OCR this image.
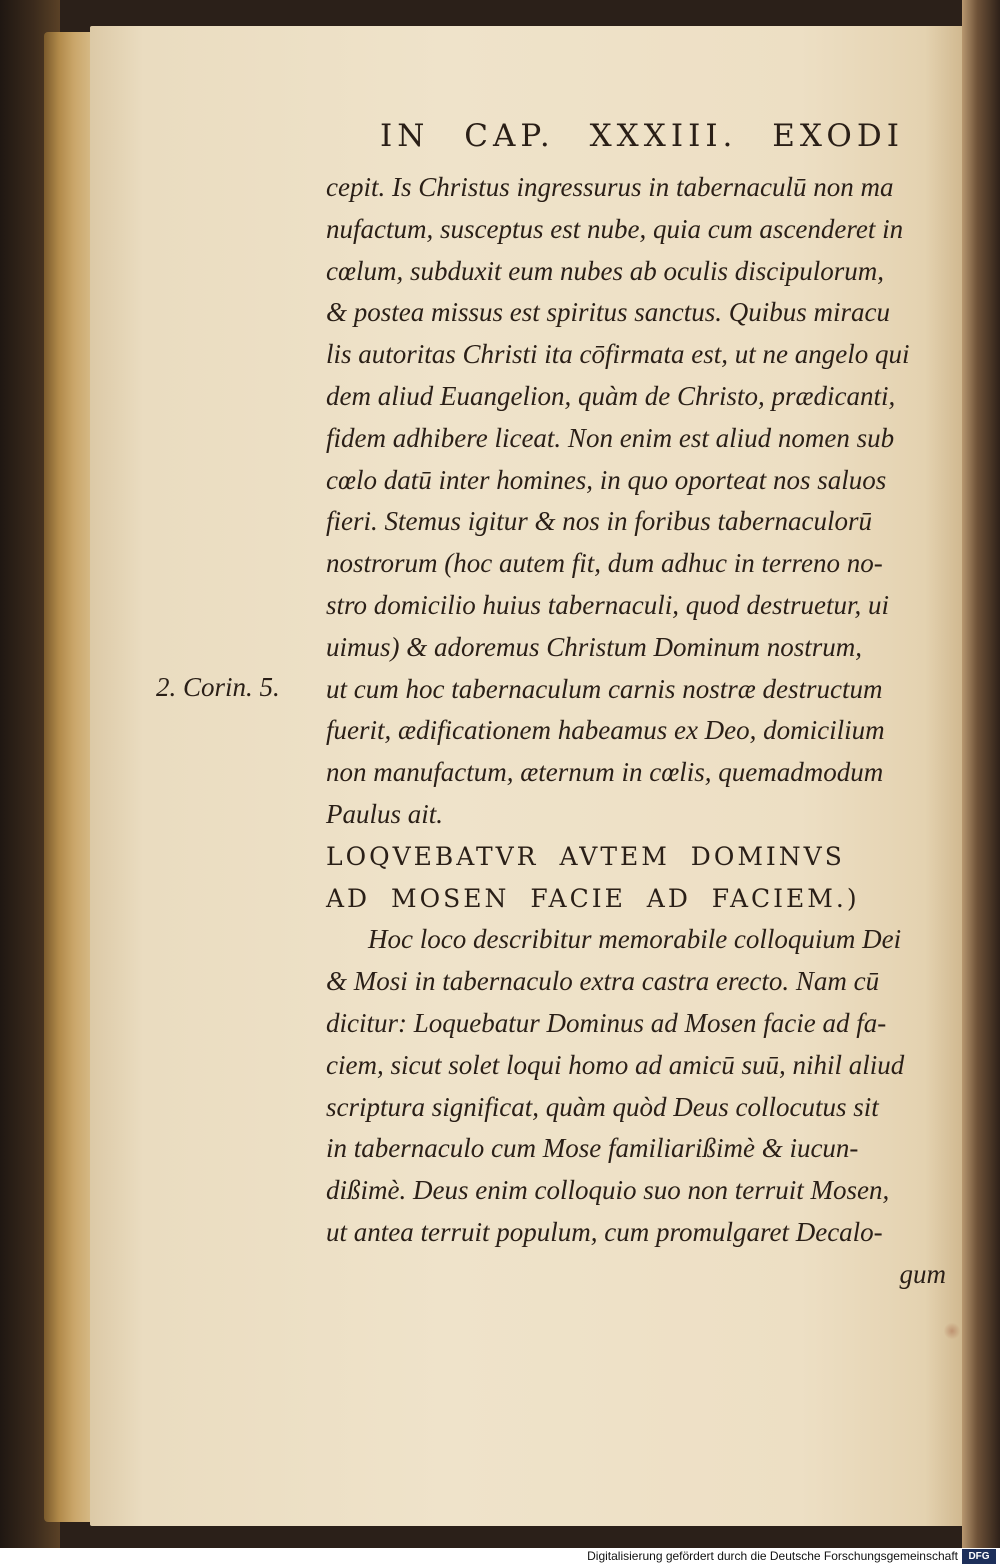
IN CAP. XXXIII. EXODI
2. Corin. 5.
cepit. Is Christus ingressurus in tabernaculū non ma
nufactum, susceptus est nube, quia cum ascenderet in
cœlum, subduxit eum nubes ab oculis discipulorum,
& postea missus est spiritus sanctus. Quibus miracu
lis autoritas Christi ita cōfirmata est, ut ne angelo qui
dem aliud Euangelion, quàm de Christo, prædicanti,
fidem adhibere liceat. Non enim est aliud nomen sub
cœlo datū inter homines, in quo oporteat nos saluos
fieri. Stemus igitur & nos in foribus tabernaculorū
nostrorum (hoc autem fit, dum adhuc in terreno no-
stro domicilio huius tabernaculi, quod destruetur, ui
uimus) & adoremus Christum Dominum nostrum,
ut cum hoc tabernaculum carnis nostræ destructum
fuerit, ædificationem habeamus ex Deo, domicilium
non manufactum, æternum in cœlis, quemadmodum
Paulus ait.
LOQVEBATVR AVTEM DOMINVS
AD MOSEN FACIE AD FACIEM.)
Hoc loco describitur memorabile colloquium Dei
& Mosi in tabernaculo extra castra erecto. Nam cū
dicitur: Loquebatur Dominus ad Mosen facie ad fa-
ciem, sicut solet loqui homo ad amicū suū, nihil aliud
scriptura significat, quàm quòd Deus collocutus sit
in tabernaculo cum Mose familiarißimè & iucun-
dißimè. Deus enim colloquio suo non terruit Mosen,
ut antea terruit populum, cum promulgaret Decalo-
gum
Digitalisierung gefördert durch die Deutsche Forschungsgemeinschaft	DFG
